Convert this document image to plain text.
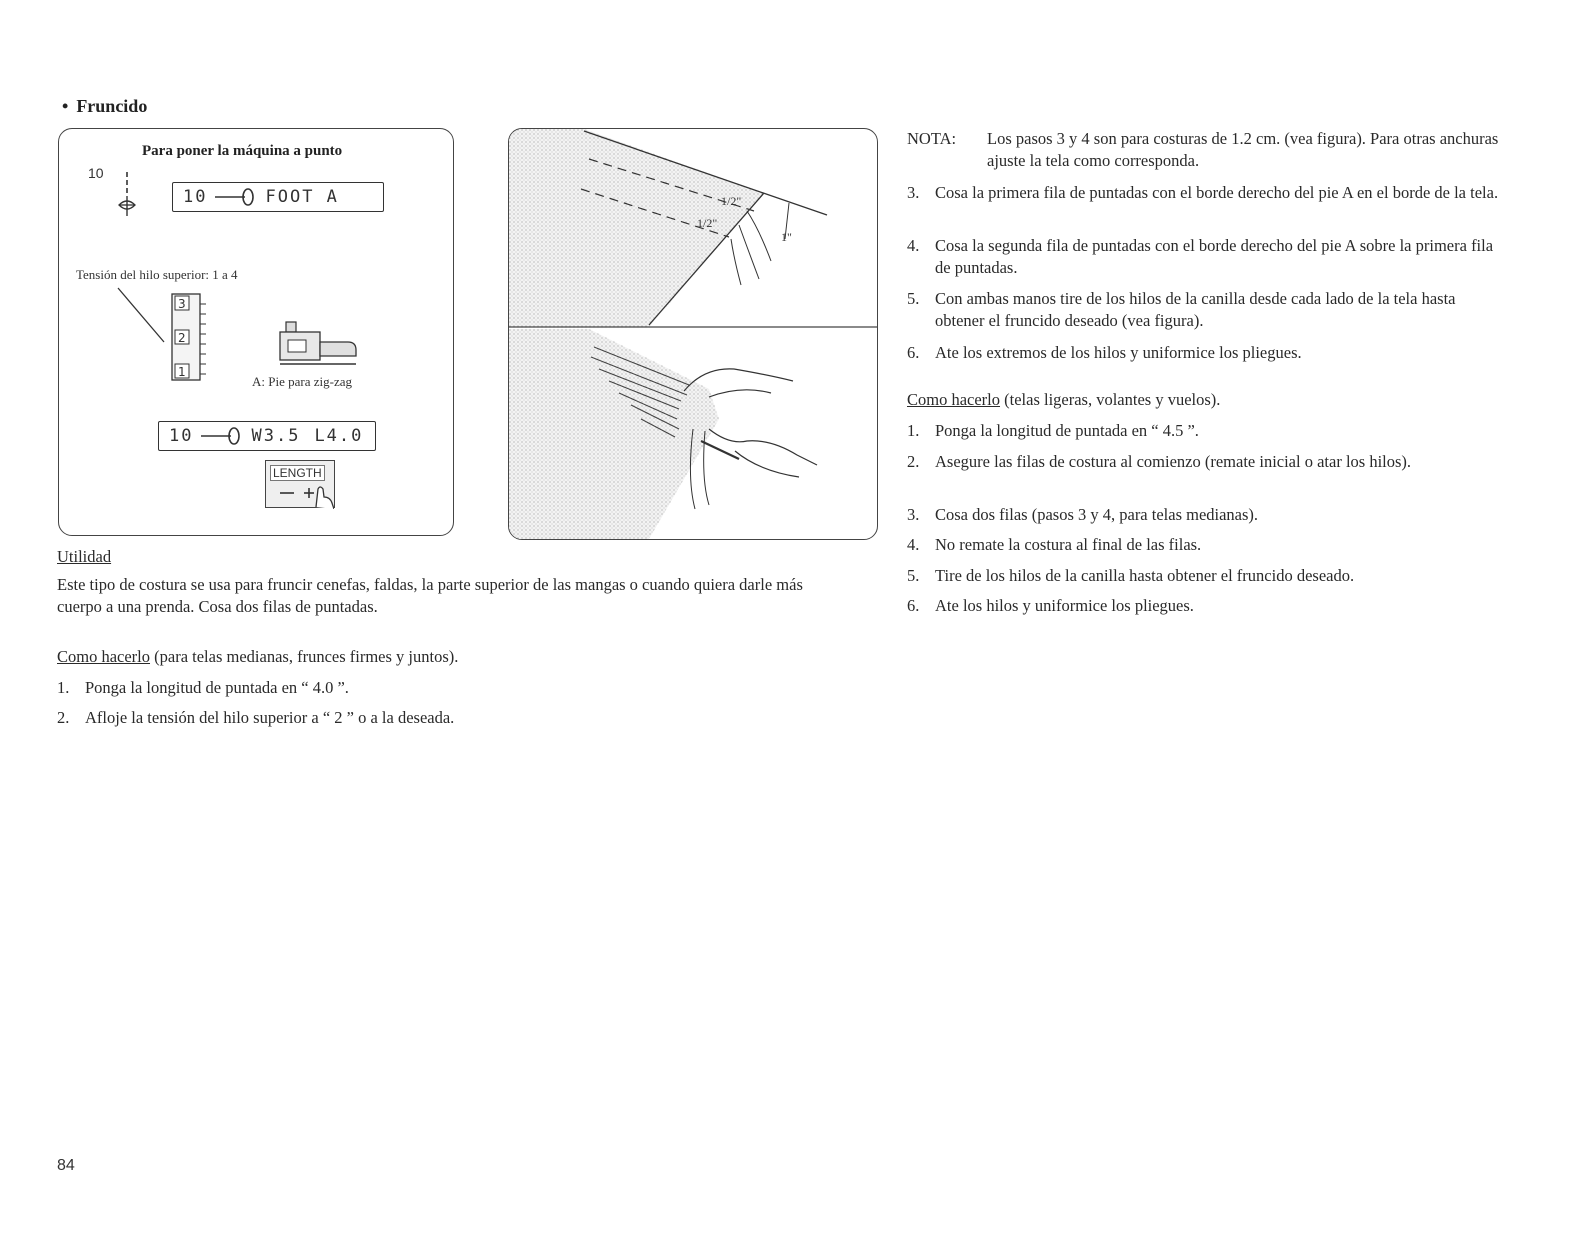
• Fruncido
Para poner la máquina a punto
10
10	FOOT A
Tensión del hilo superior: 1 a 4
3
2
1
A: Pie para zig-zag
10	W3.5 L4.0
LENGTH
1/2"
1/2"
1"
Utilidad
Este tipo de costura se usa para fruncir cenefas, faldas, la parte superior de las mangas o cuando quiera darle más cuerpo a una prenda. Cosa dos filas de puntadas.
Como hacerlo (para telas medianas, frunces firmes y juntos).
1. Ponga la longitud de puntada en “ 4.0 ”.
2. Afloje la tensión del hilo superior a “ 2 ” o a la deseada.
NOTA: Los pasos 3 y 4 son para costuras de 1.2 cm. (vea figura). Para otras anchuras ajuste la tela como corresponda.
3. Cosa la primera fila de puntadas con el borde derecho del pie A en el borde de la tela.
4. Cosa la segunda fila de puntadas con el borde derecho del pie A sobre la primera fila de puntadas.
5. Con ambas manos tire de los hilos de la canilla desde cada lado de la tela hasta obtener el fruncido deseado (vea figura).
6. Ate los extremos de los hilos y uniformice los pliegues.
Como hacerlo (telas ligeras, volantes y vuelos).
1. Ponga la longitud de puntada en “ 4.5 ”.
2. Asegure las filas de costura al comienzo (remate inicial o atar los hilos).
3. Cosa dos filas (pasos 3 y 4, para telas medianas).
4. No remate la costura al final de las filas.
5. Tire de los hilos de la canilla hasta obtener el fruncido deseado.
6. Ate los hilos y uniformice los pliegues.
84
